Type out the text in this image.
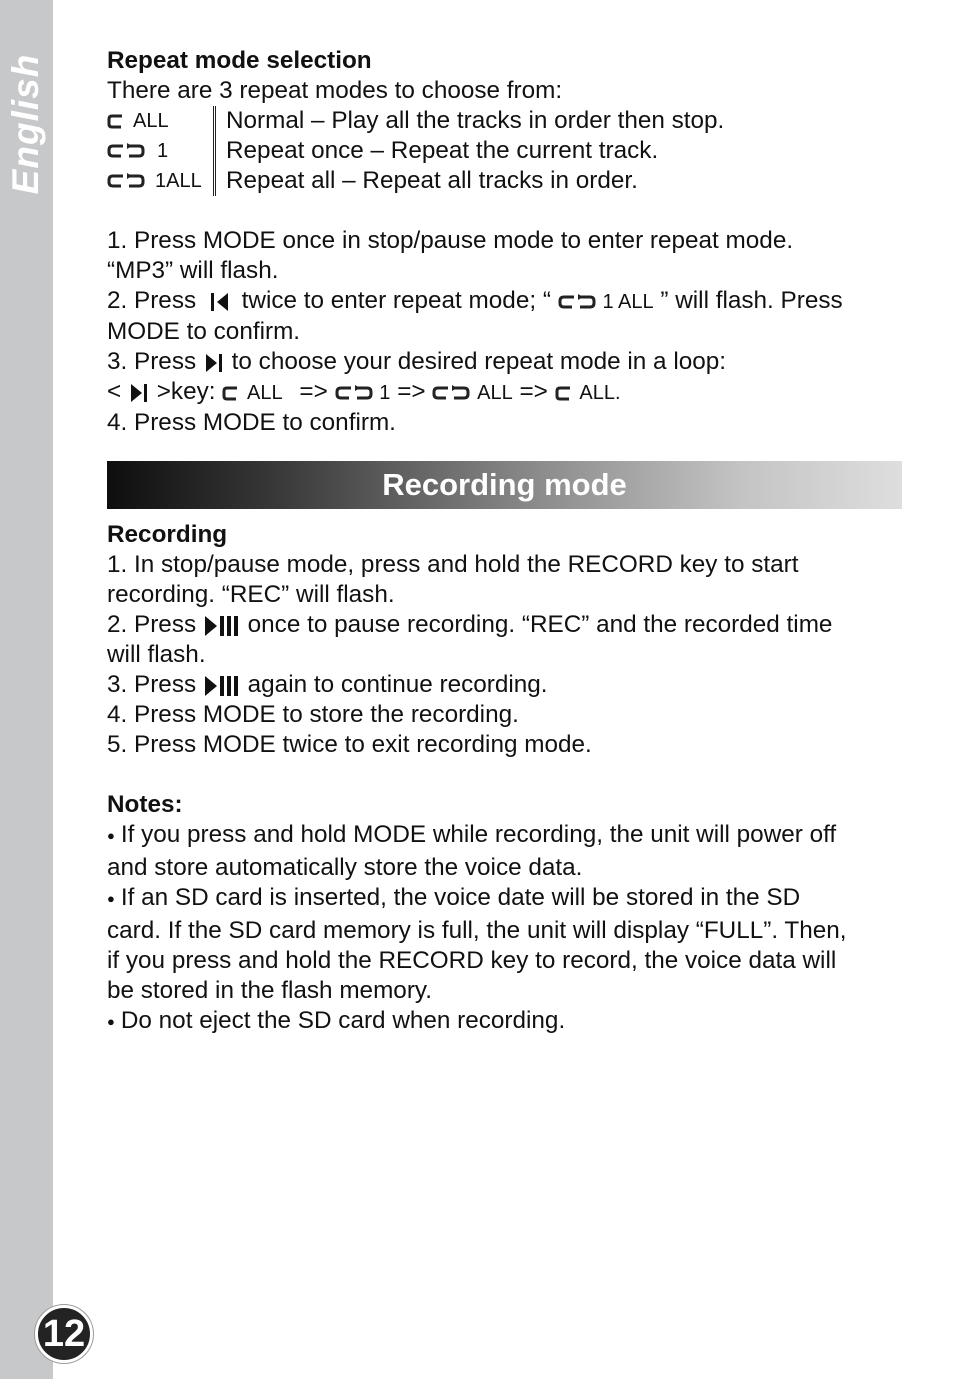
English
12
Repeat mode selection
There are 3 repeat modes to choose from:
ALL Normal – Play all the tracks in order then stop.
1 Repeat once – Repeat the current track.
1ALL Repeat all – Repeat all tracks in order.
1. Press MODE once in stop/pause mode to enter repeat mode.
“MP3” will flash.
2. Press twice to enter repeat mode; “	1 ALL ” will flash. Press
MODE to confirm.
3. Press to choose your desired repeat mode in a loop:
< >key: ALL =>	1 =>	ALL => ALL.
4. Press MODE to confirm.
Recording mode
Recording
1. In stop/pause mode, press and hold the RECORD key to start
recording. “REC” will flash.
2. Press once to pause recording. “REC” and the recorded time
will flash.
3. Press again to continue recording.
4. Press MODE to store the recording.
5. Press MODE twice to exit recording mode.
Notes:
● If you press and hold MODE while recording, the unit will power off
and store automatically store the voice data.
● If an SD card is inserted, the voice date will be stored in the SD
card. If the SD card memory is full, the unit will display “FULL”. Then,
if you press and hold the RECORD key to record, the voice data will
be stored in the flash memory.
● Do not eject the SD card when recording.
